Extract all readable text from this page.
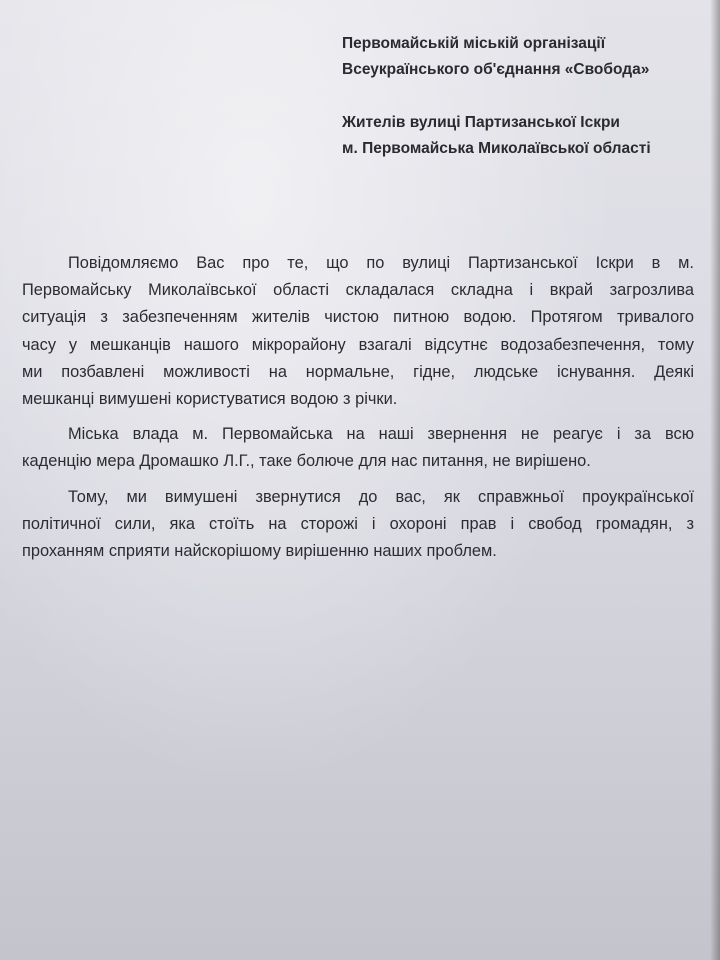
Первомайській міській організації
Всеукраїнського об'єднання «Свобода»
Жителів вулиці Партизанської Іскри
м. Первомайська Миколаївської області
Повідомляємо Вас про те, що по вулиці Партизанської Іскри в м.
Первомайську Миколаївської області складалася складна і вкрай загрозлива
ситуація з забезпеченням жителів чистою питною водою. Протягом тривалого
часу у мешканців нашого мікрорайону взагалі відсутнє водозабезпечення, тому
ми позбавлені можливості на нормальне, гідне, людське існування. Деякі
мешканці вимушені користуватися водою з річки.
Міська влада м. Первомайська на наші звернення не реагує і за всю
каденцію мера Дромашко Л.Г., таке болюче для нас питання, не вирішено.
Тому, ми вимушені звернутися до вас, як справжньої проукраїнської
політичної сили, яка стоїть на сторожі і охороні прав і свобод громадян, з
проханням сприяти найскорішому вирішенню наших проблем.
